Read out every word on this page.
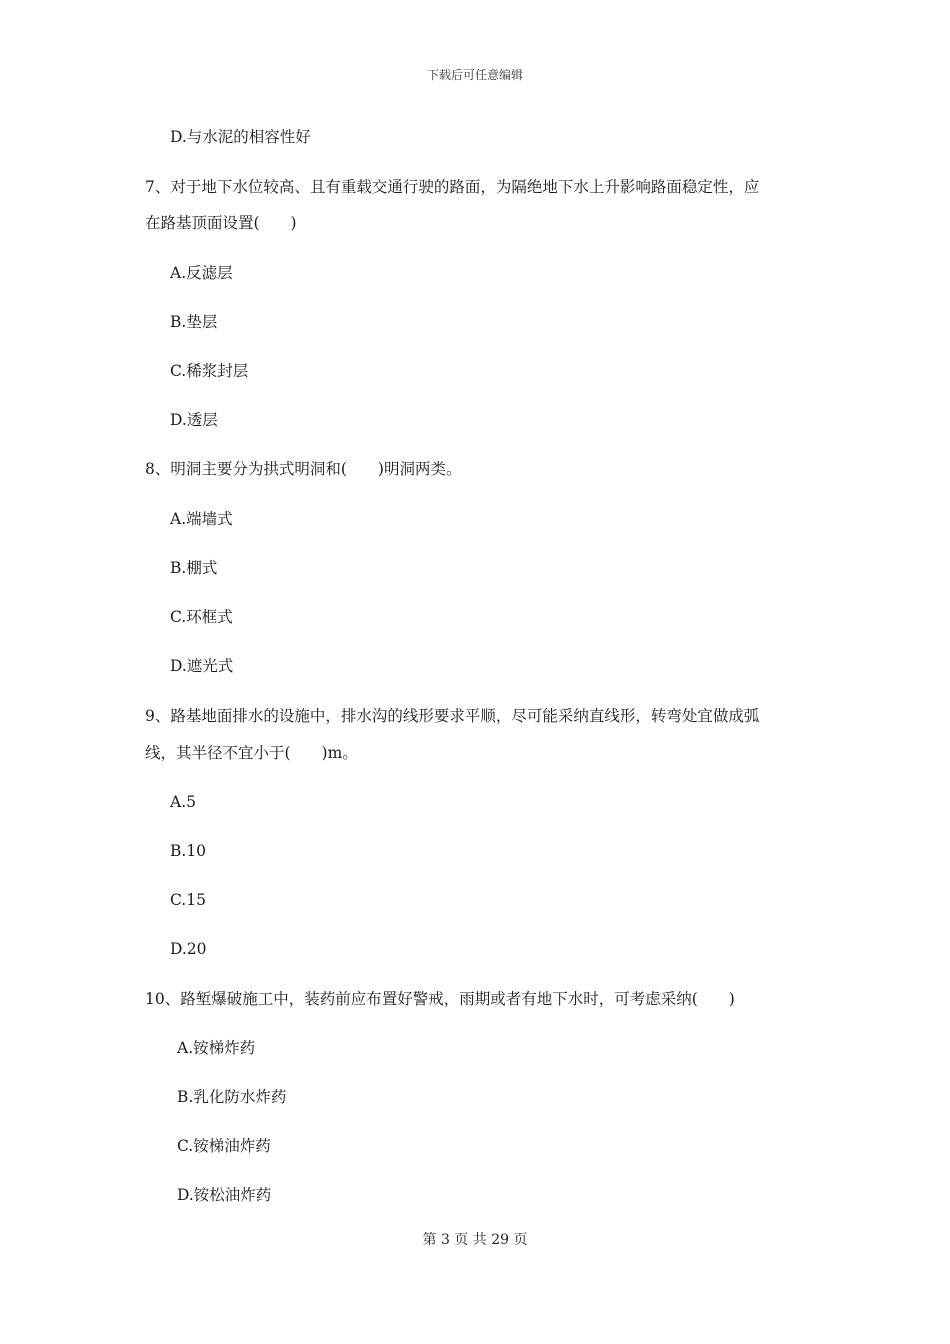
下载后可任意编辑
D.与水泥的相容性好
7、对于地下水位较高、且有重载交通行驶的路面，为隔绝地下水上升影响路面稳定性，应
在路基顶面设置(　　)
A.反滤层
B.垫层
C.稀浆封层
D.透层
8、明洞主要分为拱式明洞和(　　)明洞两类。
A.端墙式
B.棚式
C.环框式
D.遮光式
9、路基地面排水的设施中，排水沟的线形要求平顺，尽可能采纳直线形，转弯处宜做成弧
线，其半径不宜小于(　　)m。
A.5
B.10
C.15
D.20
10、路堑爆破施工中，装药前应布置好警戒，雨期或者有地下水时，可考虑采纳(　　)
A.铵梯炸药
B.乳化防水炸药
C.铵梯油炸药
D.铵松油炸药
第 3 页 共 29 页
